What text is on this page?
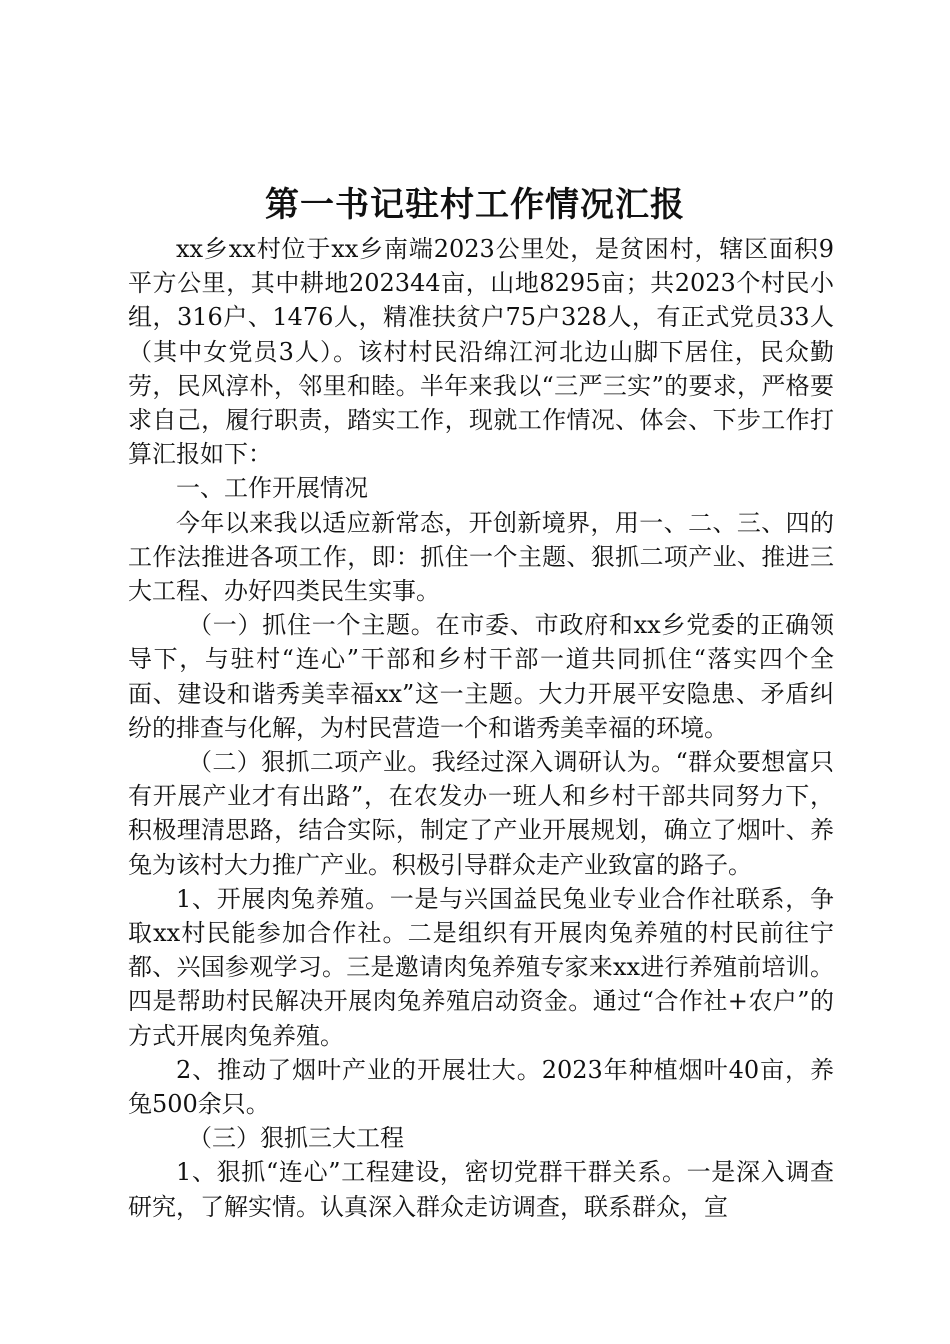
第一书记驻村工作情况汇报

xx乡xx村位于xx乡南端2023公里处，是贫困村，辖区面积9平方公里，其中耕地202344亩，山地8295亩；共2023个村民小组，316户、1476人，精准扶贫户75户328人，有正式党员33人（其中女党员3人）。该村村民沿绵江河北边山脚下居住，民众勤劳，民风淳朴，邻里和睦。半年来我以“三严三实”的要求，严格要求自己，履行职责，踏实工作，现就工作情况、体会、下步工作打算汇报如下：

一、工作开展情况

今年以来我以适应新常态，开创新境界，用一、二、三、四的工作法推进各项工作，即：抓住一个主题、狠抓二项产业、推进三大工程、办好四类民生实事。

（一）抓住一个主题。在市委、市政府和xx乡党委的正确领导下，与驻村“连心”干部和乡村干部一道共同抓住“落实四个全面、建设和谐秀美幸福xx”这一主题。大力开展平安隐患、矛盾纠纷的排查与化解，为村民营造一个和谐秀美幸福的环境。

（二）狠抓二项产业。我经过深入调研认为。“群众要想富只有开展产业才有出路”，在农发办一班人和乡村干部共同努力下，积极理清思路，结合实际，制定了产业开展规划，确立了烟叶、养兔为该村大力推广产业。积极引导群众走产业致富的路子。

1、开展肉兔养殖。一是与兴国益民兔业专业合作社联系，争取xx村民能参加合作社。二是组织有开展肉兔养殖的村民前往宁都、兴国参观学习。三是邀请肉兔养殖专家来xx进行养殖前培训。四是帮助村民解决开展肉兔养殖启动资金。通过“合作社+农户”的方式开展肉兔养殖。

2、推动了烟叶产业的开展壮大。2023年种植烟叶40亩，养兔500余只。

（三）狠抓三大工程

1、狠抓“连心”工程建设，密切党群干群关系。一是深入调查研究，了解实情。认真深入群众走访调查，联系群众，宣
